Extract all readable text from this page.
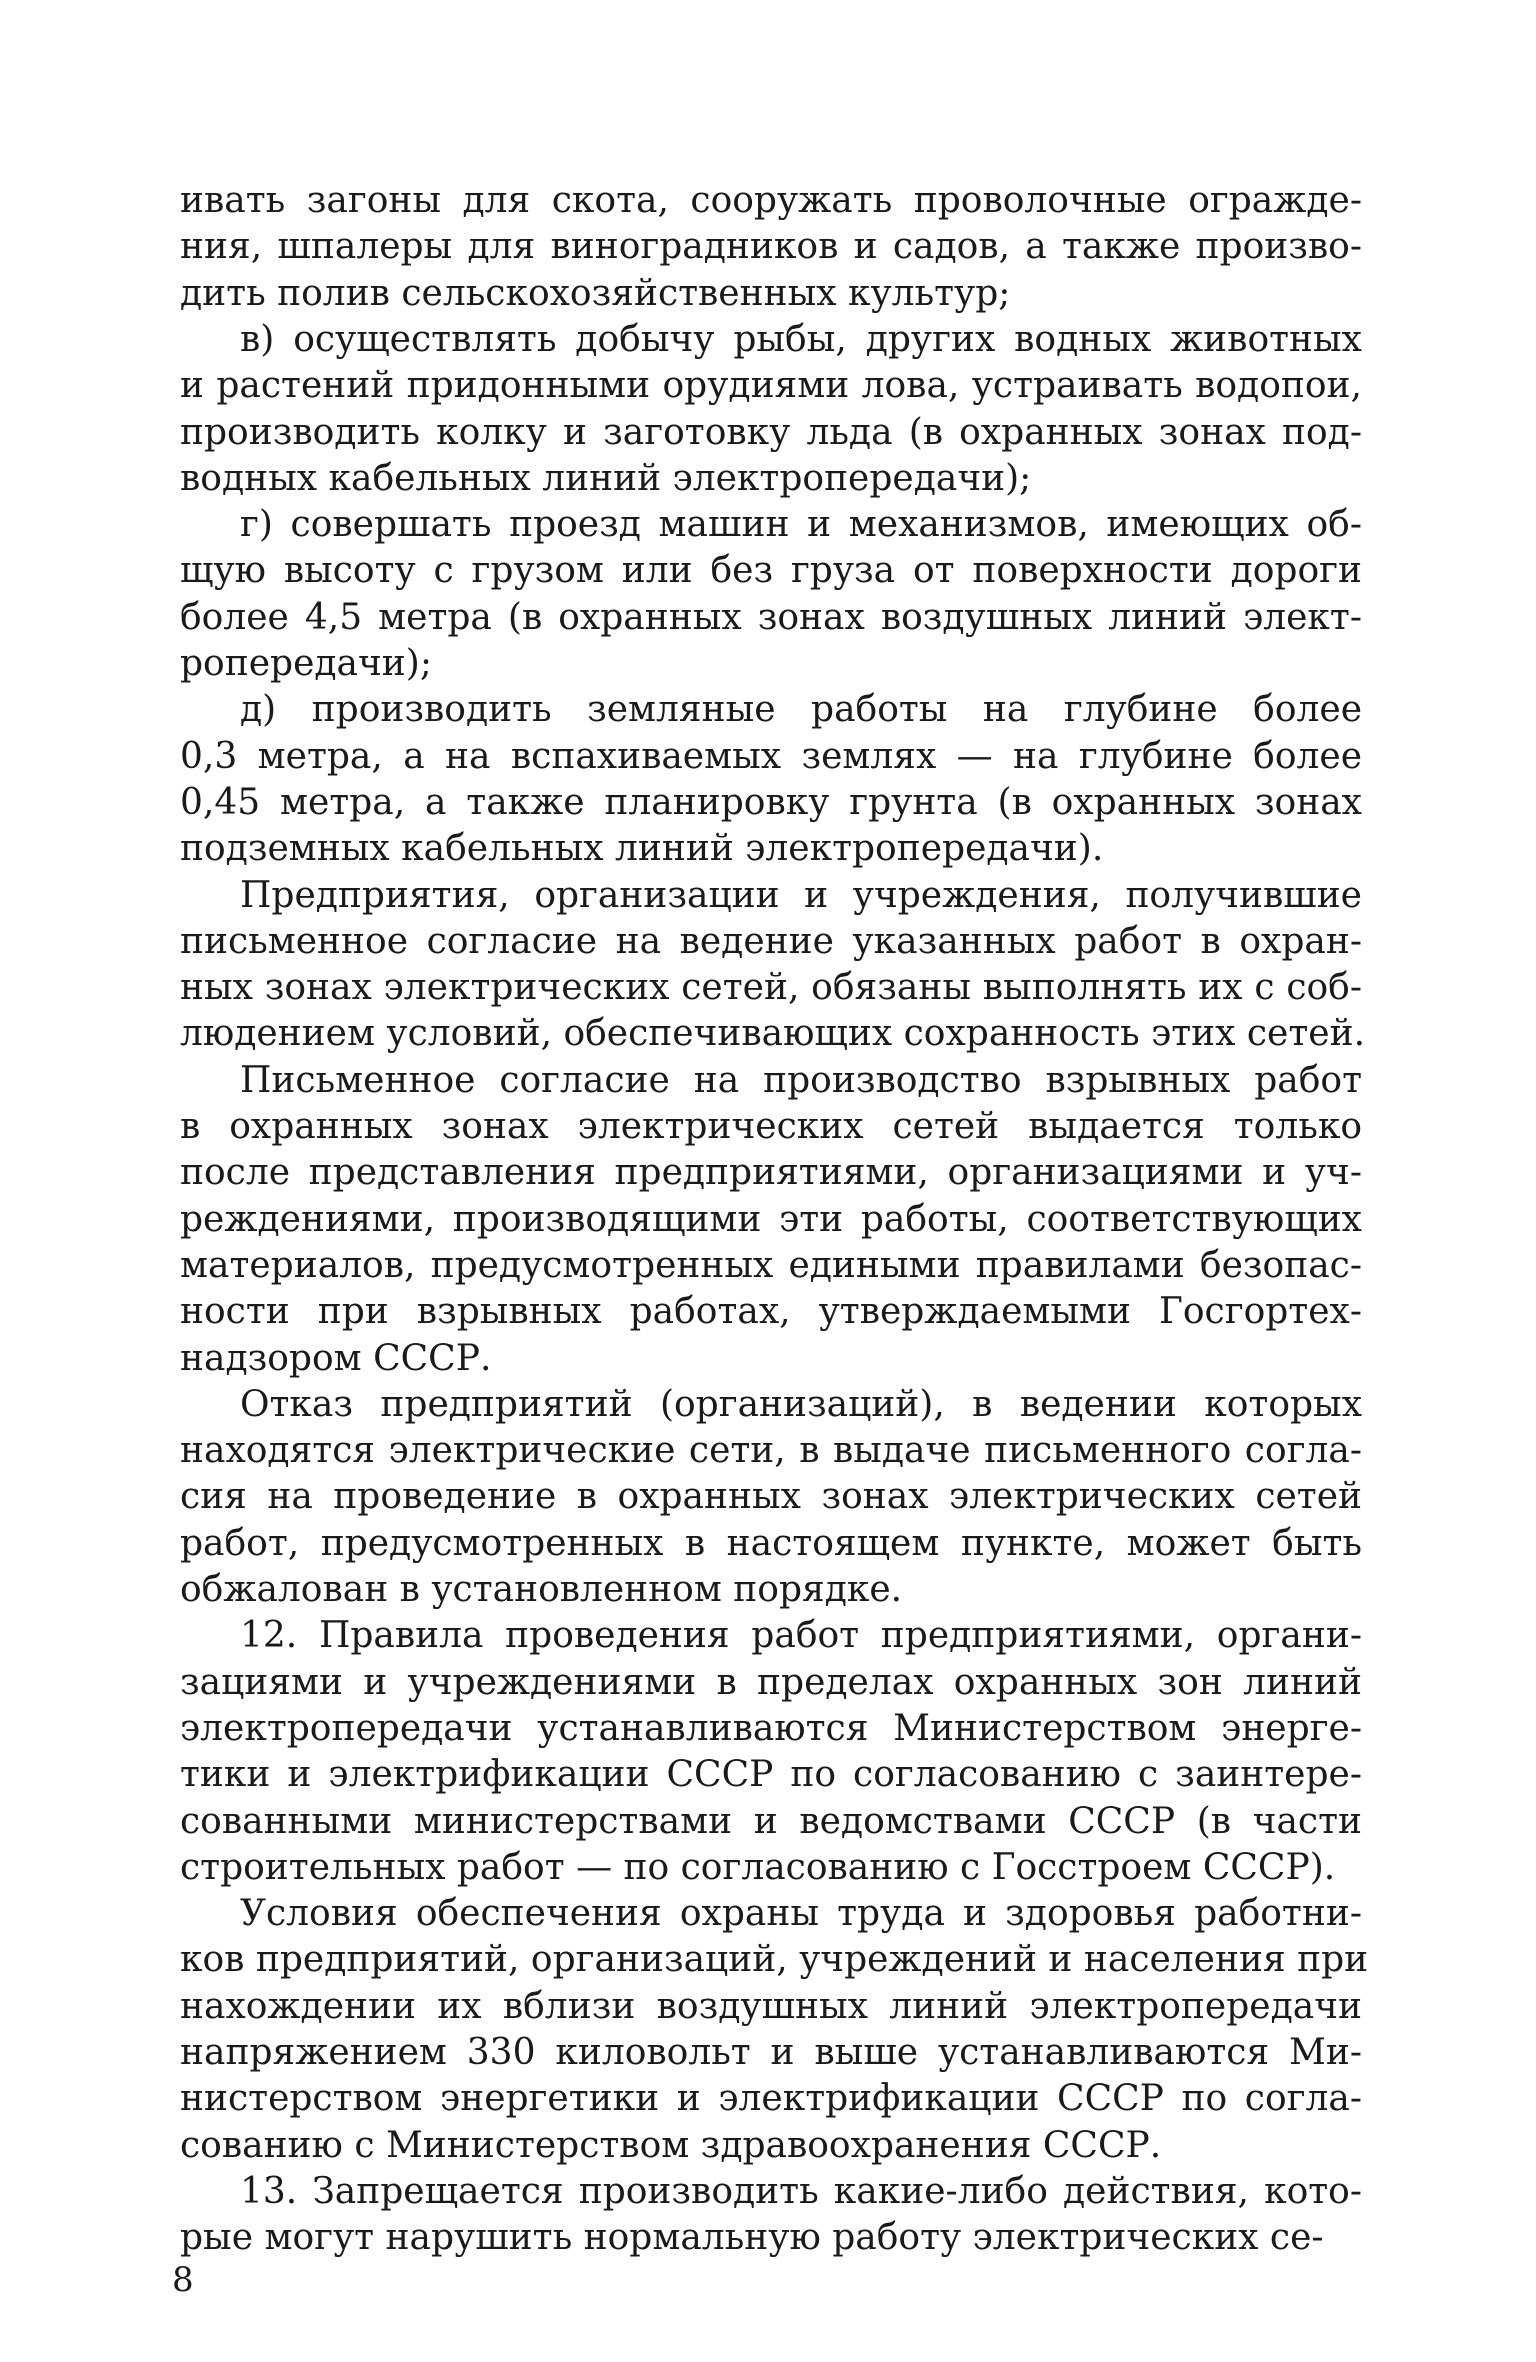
ивать загоны для скота, сооружать проволочные огражде-
ния, шпалеры для виноградников и садов, а также произво-
дить полив сельскохозяйственных культур;
в) осуществлять добычу рыбы, других водных животных
и растений придонными орудиями лова, устраивать водопои,
производить колку и заготовку льда (в охранных зонах под-
водных кабельных линий электропередачи);
г) совершать проезд машин и механизмов, имеющих об-
щую высоту с грузом или без груза от поверхности дороги
более 4,5 метра (в охранных зонах воздушных линий элект-
ропередачи);
д) производить земляные работы на глубине более
0,3 метра, а на вспахиваемых землях — на глубине более
0,45 метра, а также планировку грунта (в охранных зонах
подземных кабельных линий электропередачи).
Предприятия, организации и учреждения, получившие
письменное согласие на ведение указанных работ в охран-
ных зонах электрических сетей, обязаны выполнять их с соб-
людением условий, обеспечивающих сохранность этих сетей.
Письменное согласие на производство взрывных работ
в охранных зонах электрических сетей выдается только
после представления предприятиями, организациями и уч-
реждениями, производящими эти работы, соответствующих
материалов, предусмотренных едиными правилами безопас-
ности при взрывных работах, утверждаемыми Госгортех-
надзором СССР.
Отказ предприятий (организаций), в ведении которых
находятся электрические сети, в выдаче письменного согла-
сия на проведение в охранных зонах электрических сетей
работ, предусмотренных в настоящем пункте, может быть
обжалован в установленном порядке.
12. Правила проведения работ предприятиями, органи-
зациями и учреждениями в пределах охранных зон линий
электропередачи устанавливаются Министерством энерге-
тики и электрификации СССР по согласованию с заинтере-
сованными министерствами и ведомствами СССР (в части
строительных работ — по согласованию с Госстроем СССР).
Условия обеспечения охраны труда и здоровья работни-
ков предприятий, организаций, учреждений и населения при
нахождении их вблизи воздушных линий электропередачи
напряжением 330 киловольт и выше устанавливаются Ми-
нистерством энергетики и электрификации СССР по согла-
сованию с Министерством здравоохранения СССР.
13. Запрещается производить какие-либо действия, кото-
рые могут нарушить нормальную работу электрических се-
8
